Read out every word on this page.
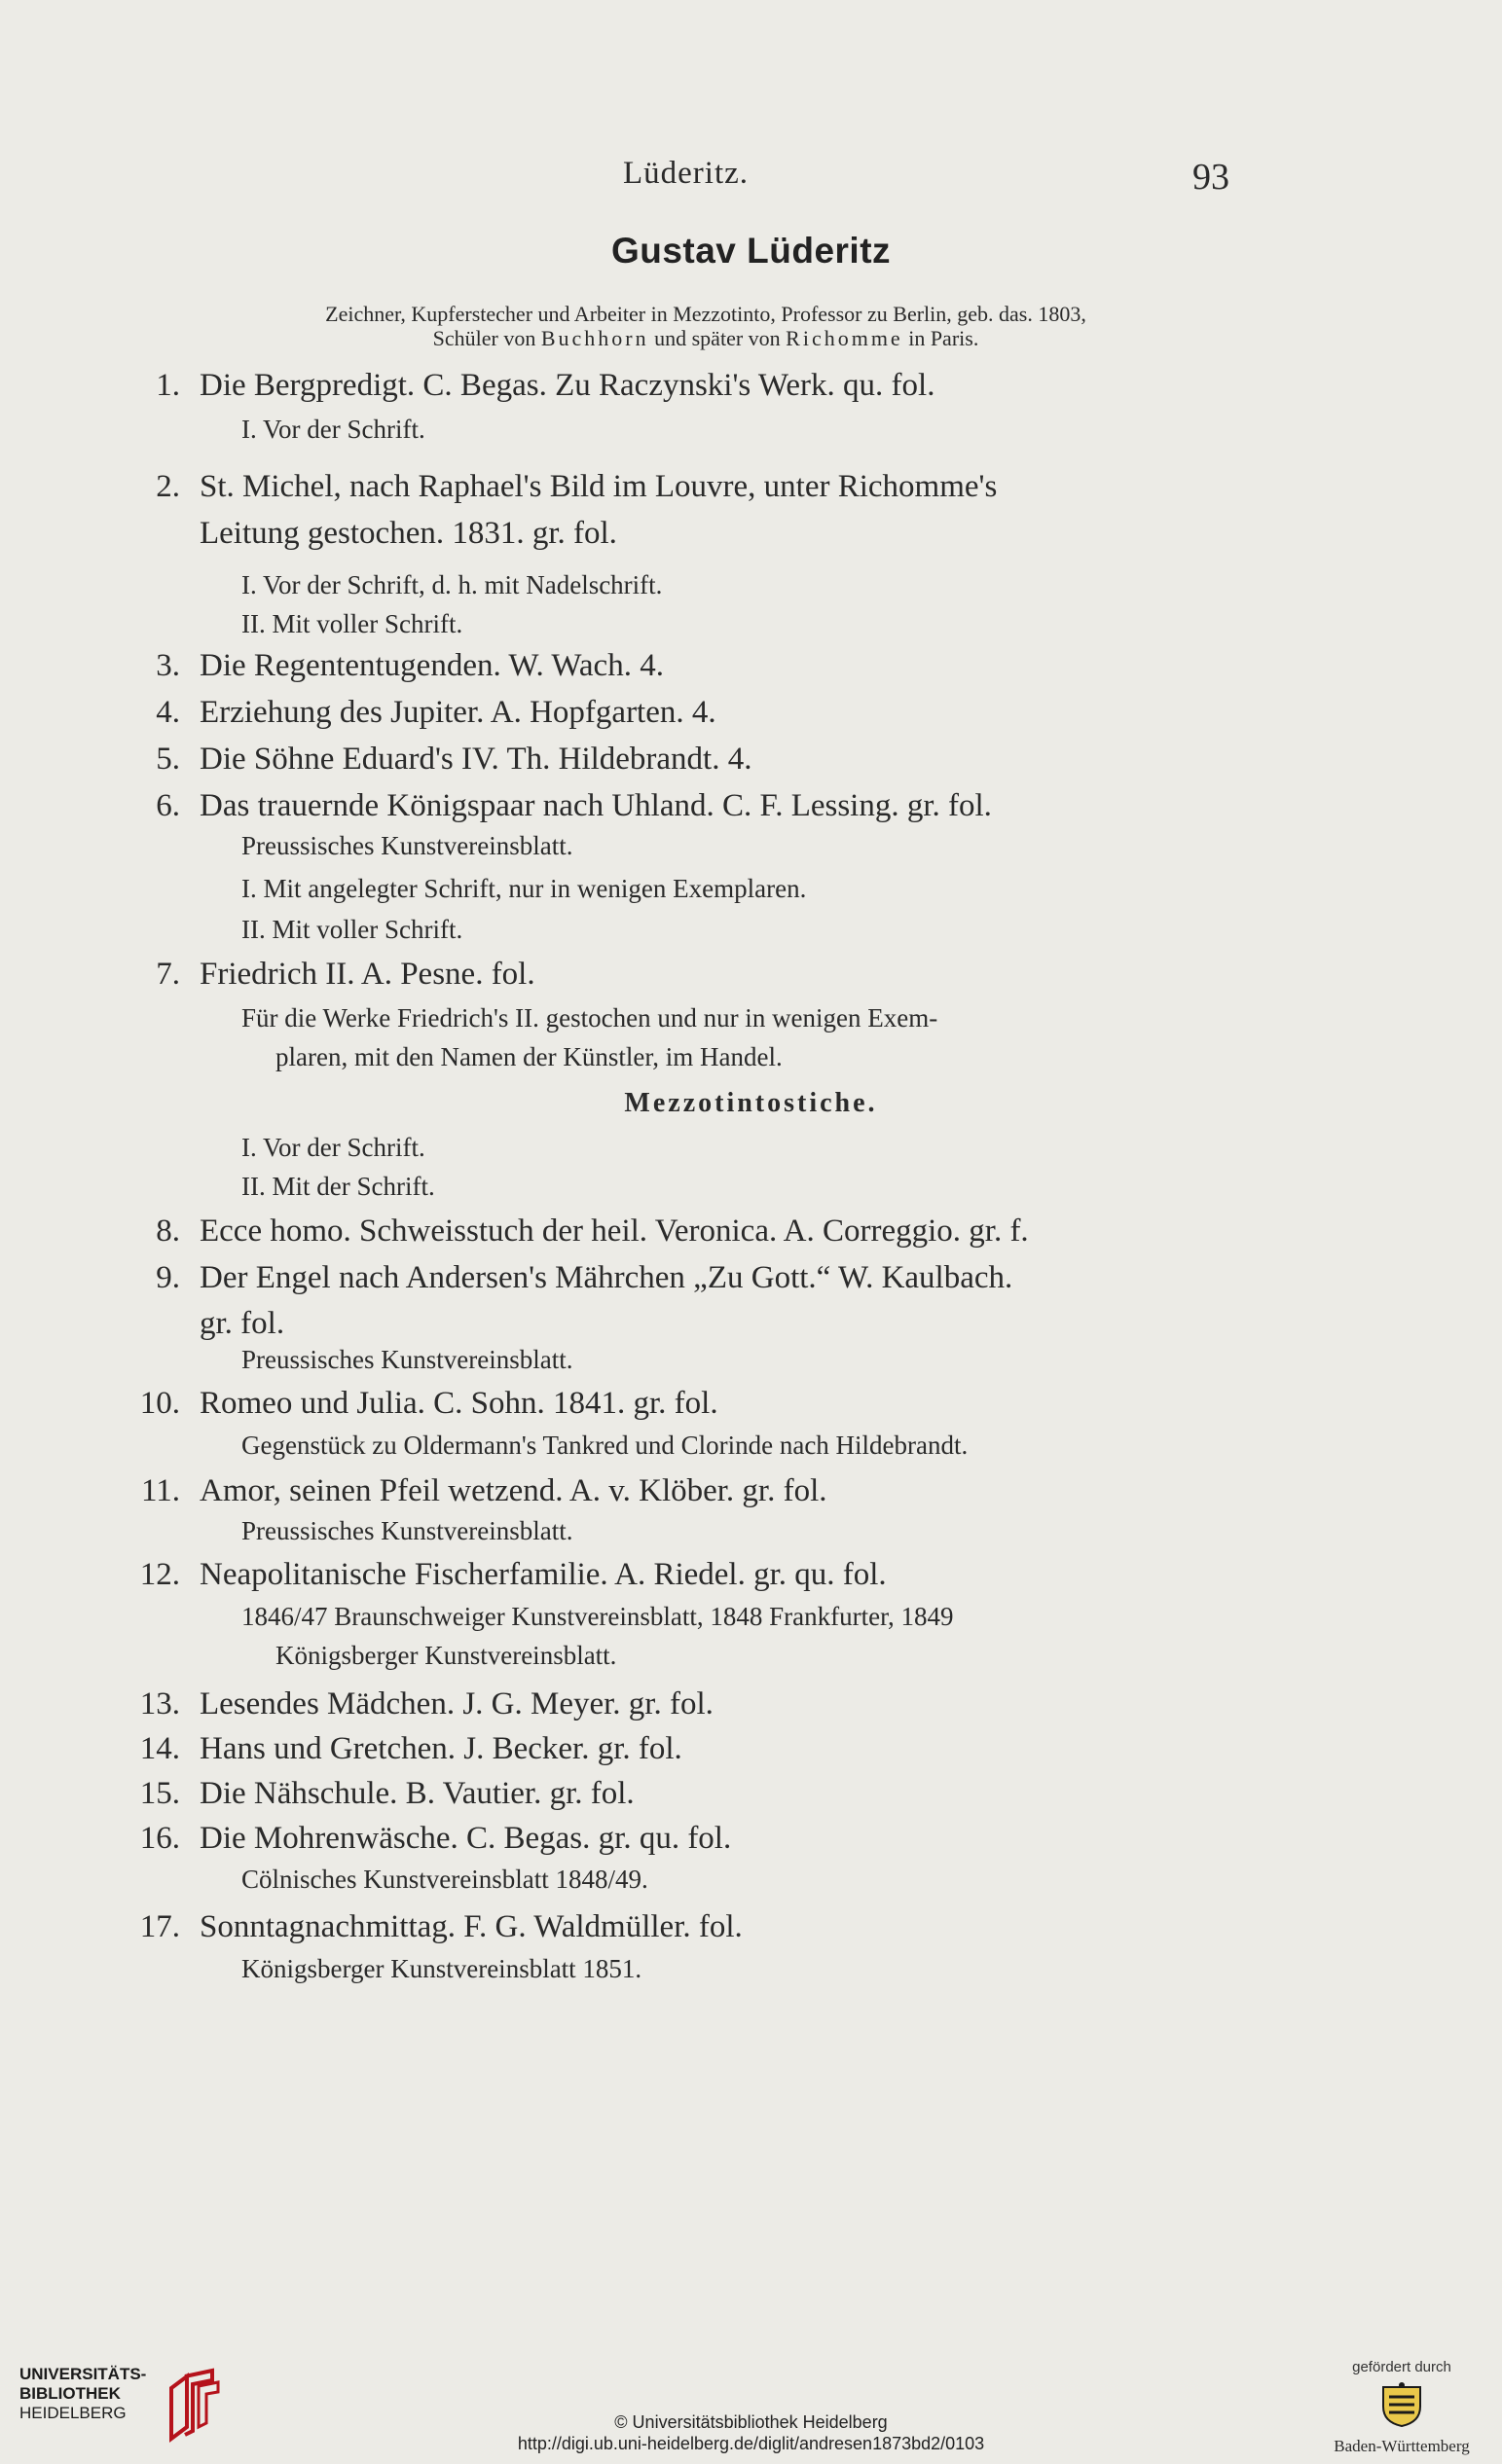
Lüderitz.	93
Gustav Lüderitz
Zeichner, Kupferstecher und Arbeiter in Mezzotinto, Professor zu Berlin, geb. das. 1803,
Schüler von Buchhorn und später von Richomme in Paris.
1. Die Bergpredigt. C. Begas. Zu Raczynski's Werk. qu. fol.
I. Vor der Schrift.
2. St. Michel, nach Raphael's Bild im Louvre, unter Richomme's
Leitung gestochen. 1831. gr. fol.
I. Vor der Schrift, d. h. mit Nadelschrift.
II. Mit voller Schrift.
3. Die Regententugenden. W. Wach. 4.
4. Erziehung des Jupiter. A. Hopfgarten. 4.
5. Die Söhne Eduard's IV. Th. Hildebrandt. 4.
6. Das trauernde Königspaar nach Uhland. C. F. Lessing. gr. fol.
Preussisches Kunstvereinsblatt.
I. Mit angelegter Schrift, nur in wenigen Exemplaren.
II. Mit voller Schrift.
7. Friedrich II. A. Pesne. fol.
Für die Werke Friedrich's II. gestochen und nur in wenigen Exem-
plaren, mit den Namen der Künstler, im Handel.
Mezzotintostiche.
I. Vor der Schrift.
II. Mit der Schrift.
8. Ecce homo. Schweisstuch der heil. Veronica. A. Correggio. gr. f.
9. Der Engel nach Andersen's Mährchen „Zu Gott.“ W. Kaulbach.
gr. fol.
Preussisches Kunstvereinsblatt.
10. Romeo und Julia. C. Sohn. 1841. gr. fol.
Gegenstück zu Oldermann's Tankred und Clorinde nach Hildebrandt.
11. Amor, seinen Pfeil wetzend. A. v. Klöber. gr. fol.
Preussisches Kunstvereinsblatt.
12. Neapolitanische Fischerfamilie. A. Riedel. gr. qu. fol.
1846/47 Braunschweiger Kunstvereinsblatt, 1848 Frankfurter, 1849
Königsberger Kunstvereinsblatt.
13. Lesendes Mädchen. J. G. Meyer. gr. fol.
14. Hans und Gretchen. J. Becker. gr. fol.
15. Die Nähschule. B. Vautier. gr. fol.
16. Die Mohrenwäsche. C. Begas. gr. qu. fol.
Cölnisches Kunstvereinsblatt 1848/49.
17. Sonntagnachmittag. F. G. Waldmüller. fol.
Königsberger Kunstvereinsblatt 1851.
UNIVERSITÄTS-
BIBLIOTHEK
HEIDELBERG	© Universitätsbibliothek Heidelberg
http://digi.ub.uni-heidelberg.de/diglit/andresen1873bd2/0103
gefördert durch
Baden-Württemberg
